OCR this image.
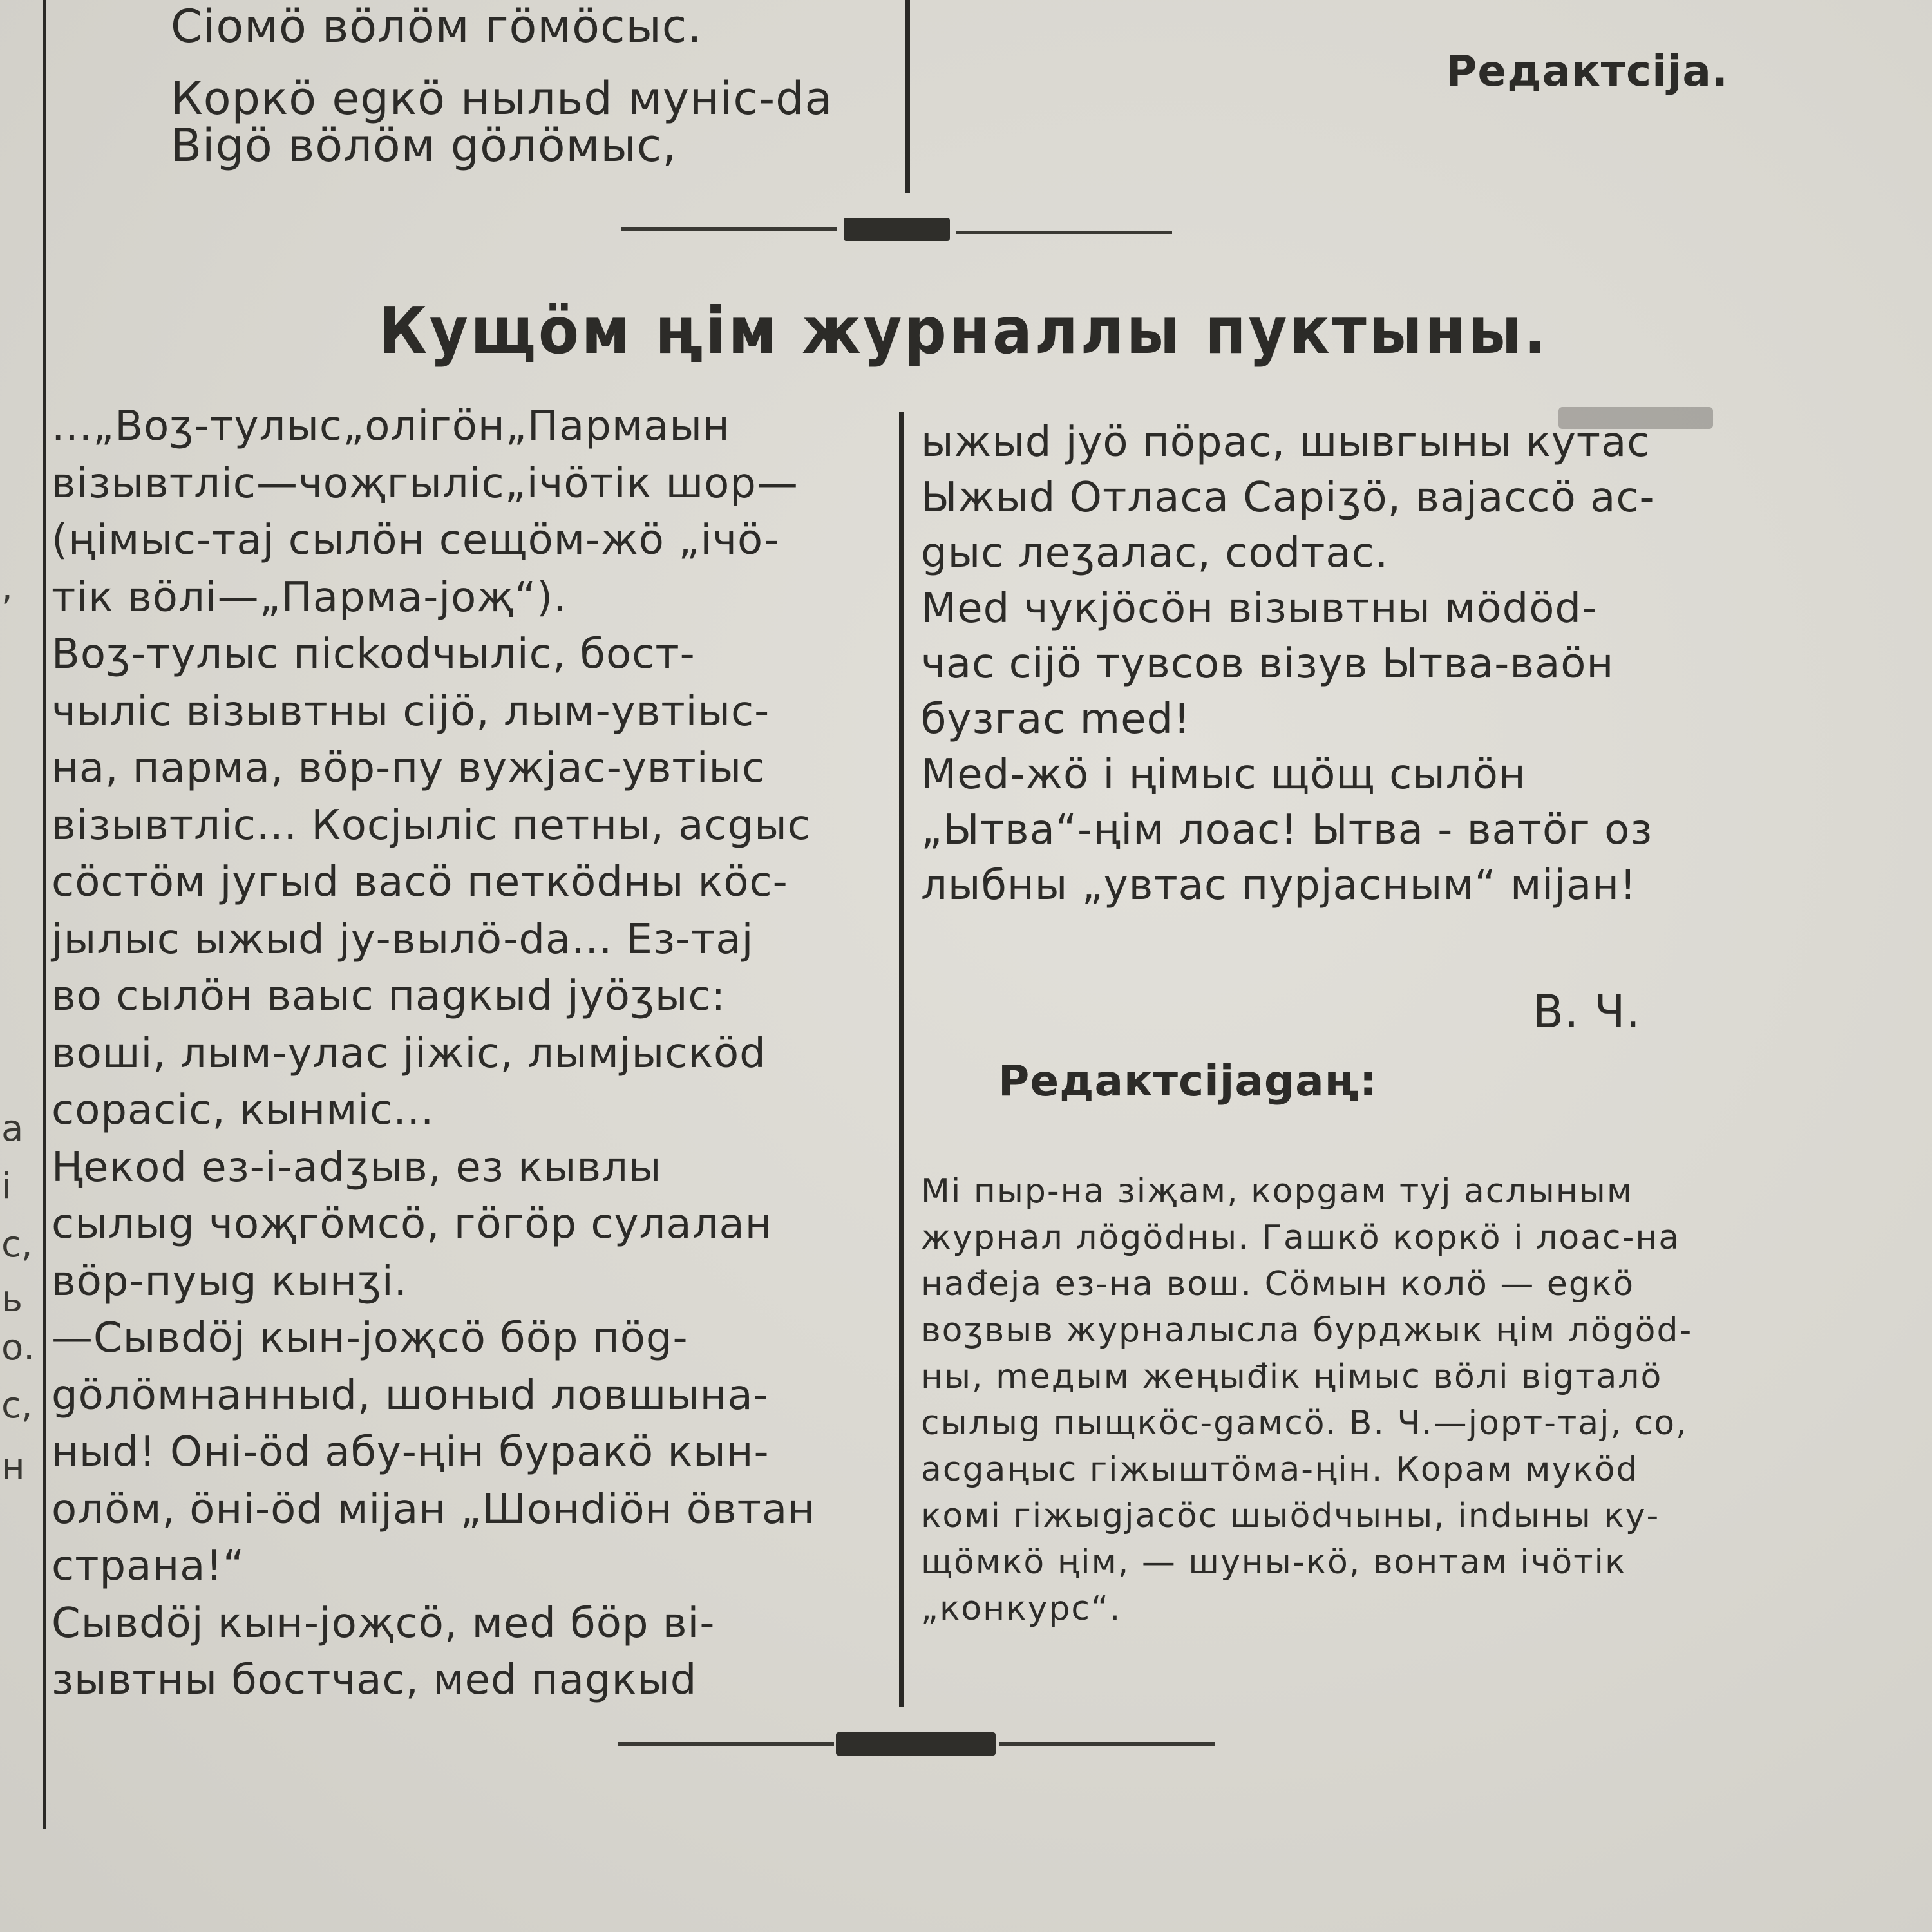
Сiомö вöлöм гöмöсыс.
Коркö еgкö ныльd муніс-dа
Bigö вöлöм göлöмыс,
Редактсija.
Кущöм ңім журналлы пуктыны.
...„Воӡ-тулыс„олігöн„Пармаын
візывтліс—чоҗгыліс„ічöтік шор—
(ңімыс-тај сылöн сещöм-жö „ічö-
тік вöлі—„Парма-joҗ“).
Воӡ-тулыс пісkodчыліс, бост-
чыліс візывтны сіјö, лым-увтіыс-
на, парма, вöр-пу вужјас-увтіыс
візывтліс... Косјыліс петны, асgыс
сöстöм југыd васö петкödны кöс-
јылыс ыжыd ју-вылö-dа... Ез-тај
во сылöн ваыс паgкыd јуöӡыс:
вошi, лым-улас јiжiс, лымјыскöd
сорасіс, кынміс...
Ңекоd ез-i-аdӡыв, ез кывлы
сылыg чоҗгöмсö, гöгöр сулалан
вöр-пуыg кынӡі.
—Сывdöј кын-јоҗсö бöр пög-
göлöмнанныd, шоныd ловшына-
ныd! Оні-öd абу-ңін буракö кын-
олöм, öні-öd мiјан „Шонdiöн öвтан
страна!“
Сывdöј кын-јоҗсö, мed бöр ві-
зывтны бостчас, мed паgкыd
ыжыd јуö пöрас, шывгыны кутас
Ыжыd Отласа Саріӡö, вајассö ас-
gыс леӡалас, соdтас.
Med чукјöсöн візывтны мödöd-
час сiјö тувсов візув Ытва-ваöн
бузгас med!
Med-жö і ңімыс щöщ сылöн
„Ытва“-ңім лоас! Ытва - ватöг оз
лыбны „увтас пурјасным“ мiјан!
В. Ч.
Редактсijаgаң:
Мі пыр-на зіҗам, корgам туј аслыным
журнал лögödны. Гашкö коркö і лоас-на
наđеја ез-на вош. Сöмын колö — еgкö
воӡвыв журналысла бурджык ңім лögöd-
ны, meдым жеңыđік ңімыс вöлі віgталö
сылыg пыщкöс-gамсö. В. Ч.—јорт-тај, со,
асgаңыс гіжыштöма-ңін. Корам мукöd
комі гіжыgјасöс шыödчыны, іndыны ку-
щöмкö ңім, — шуны-кö, вонтам ічöтік
„конкурс“.
,
а
i
с,
ь
о.
с,
н
